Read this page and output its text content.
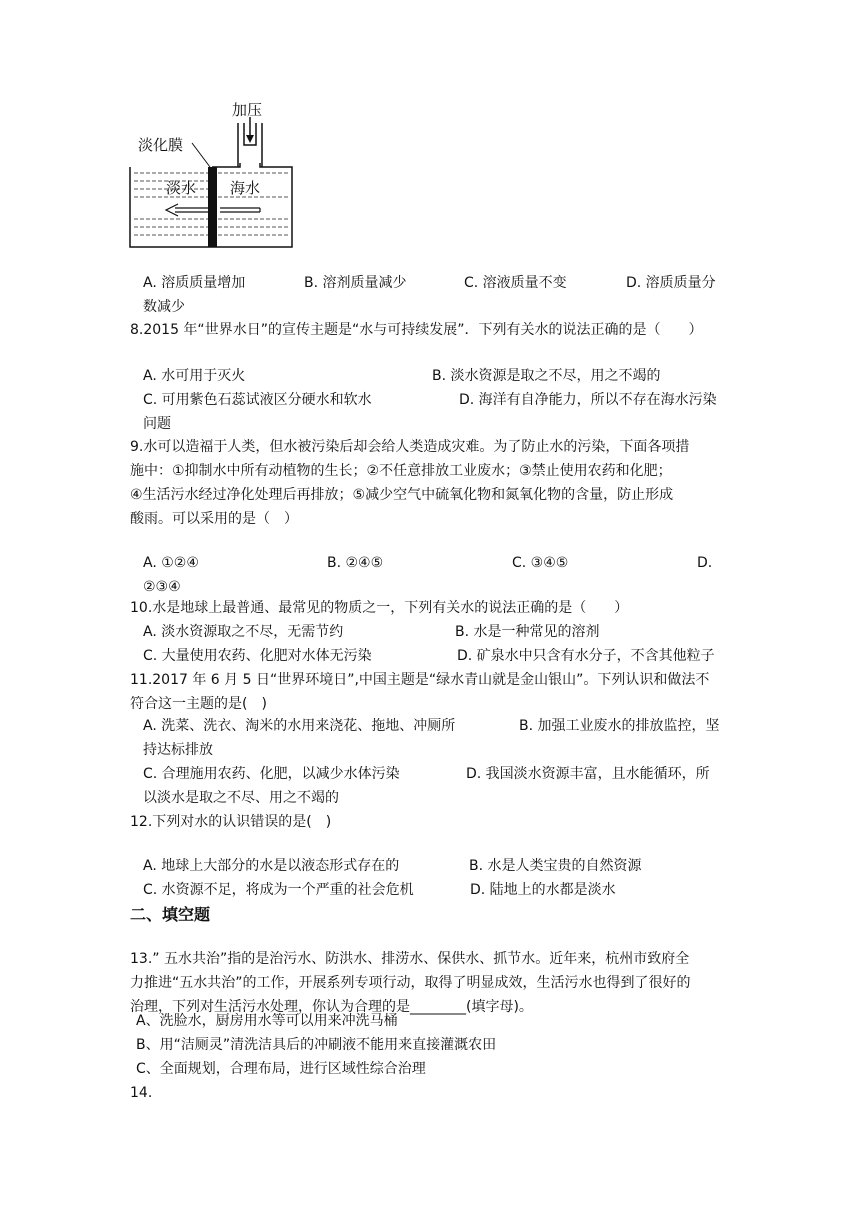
加压
淡化膜
淡水 海水
A. 溶质质量增加	B. 溶剂质量减少	C. 溶液质量不变	D. 溶质质量分
数减少
8.2015 年“世界水日”的宣传主题是“水与可持续发展”．下列有关水的说法正确的是（　　）
A. 水可用于灭火	B. 淡水资源是取之不尽，用之不竭的
C. 可用紫色石蕊试液区分硬水和软水	D. 海洋有自净能力，所以不存在海水污染
问题
9.水可以造福于人类，但水被污染后却会给人类造成灾难。为了防止水的污染，下面各项措
施中：①抑制水中所有动植物的生长；②不任意排放工业废水；③禁止使用农药和化肥；
④生活污水经过净化处理后再排放；⑤减少空气中硫氧化物和氮氧化物的含量，防止形成
酸雨。可以采用的是（　）
A. ①②④	B. ②④⑤	C. ③④⑤	D.
②③④
10.水是地球上最普通、最常见的物质之一，下列有关水的说法正确的是（　　）
A. 淡水资源取之不尽，无需节约	B. 水是一种常见的溶剂
C. 大量使用农药、化肥对水体无污染	D. 矿泉水中只含有水分子，不含其他粒子
11.2017 年 6 月 5 日“世界环境日”,中国主题是“绿水青山就是金山银山”。下列认识和做法不
符合这一主题的是(　)
A. 洗菜、洗衣、淘米的水用来浇花、拖地、冲厕所	B. 加强工业废水的排放监控，坚
持达标排放
C. 合理施用农药、化肥，以减少水体污染	D. 我国淡水资源丰富，且水能循环，所
以淡水是取之不尽、用之不竭的
12.下列对水的认识错误的是(　)
A. 地球上大部分的水是以液态形式存在的	B. 水是人类宝贵的自然资源
C. 水资源不足，将成为一个严重的社会危机	D. 陆地上的水都是淡水
二、填空题
13.” 五水共治”指的是治污水、防洪水、排涝水、保供水、抓节水。近年来，杭州市致府全
力推进“五水共治”的工作，开展系列专项行动，取得了明显成效，生活污水也得到了很好的
治理，下列对生活污水处理，你认为合理的是________(填字母)。
A、洗脸水，厨房用水等可以用来冲洗马桶
B、用“洁厕灵”清洗洁具后的冲刷液不能用来直接灌溉农田
C、全面规划，合理布局，进行区域性综合治理
14.
